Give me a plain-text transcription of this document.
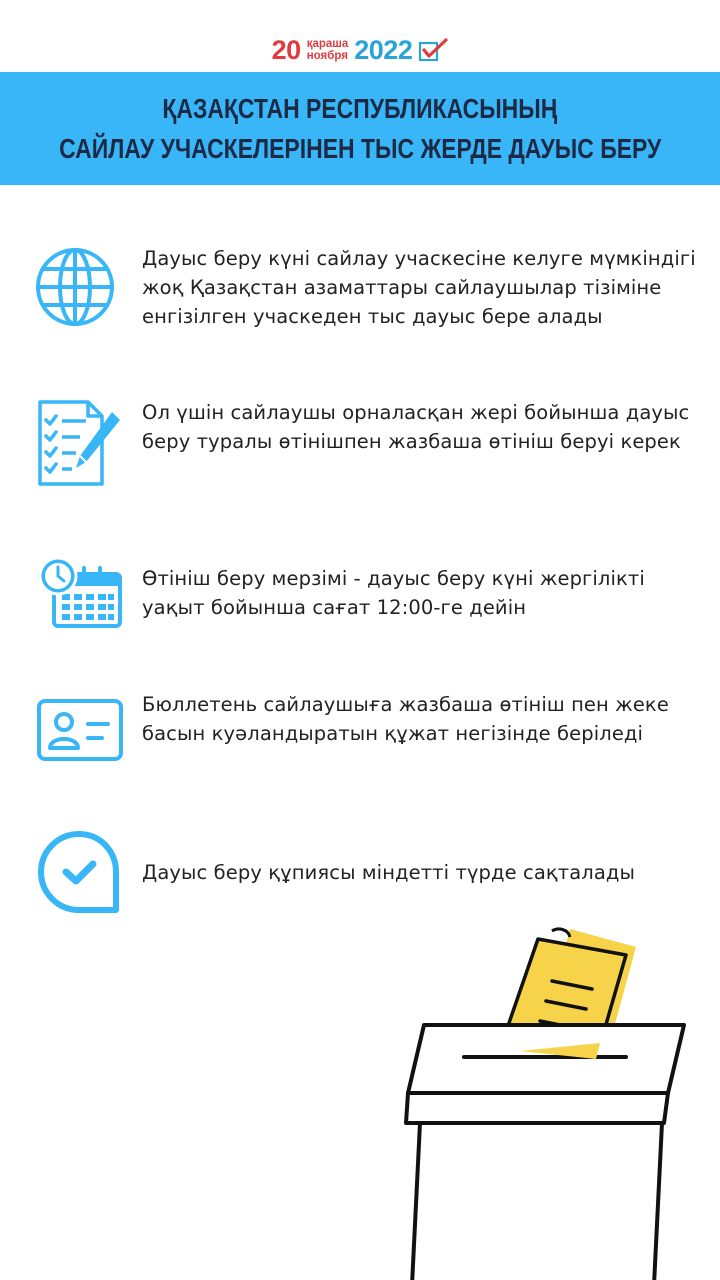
20 қараша
ноября 2022
ҚАЗАҚСТАН РЕСПУБЛИКАСЫНЫҢ
САЙЛАУ УЧАСКЕЛЕРІНЕН ТЫС ЖЕРДЕ ДАУЫС БЕРУ
Дауыс беру күні сайлау учаскесіне келуге мүмкіндігі жоқ Қазақстан азаматтары сайлаушылар тізіміне енгізілген учаскеден тыс дауыс бере алады
Ол үшін сайлаушы орналасқан жері бойынша дауыс беру туралы өтінішпен жазбаша өтініш беруі керек
Өтініш беру мерзімі - дауыс беру күні жергілікті уақыт бойынша сағат 12:00-ге дейін
Бюллетень сайлаушыға жазбаша өтініш пен жеке басын куәландыратын құжат негізінде беріледі
Дауыс беру құпиясы міндетті түрде сақталады
